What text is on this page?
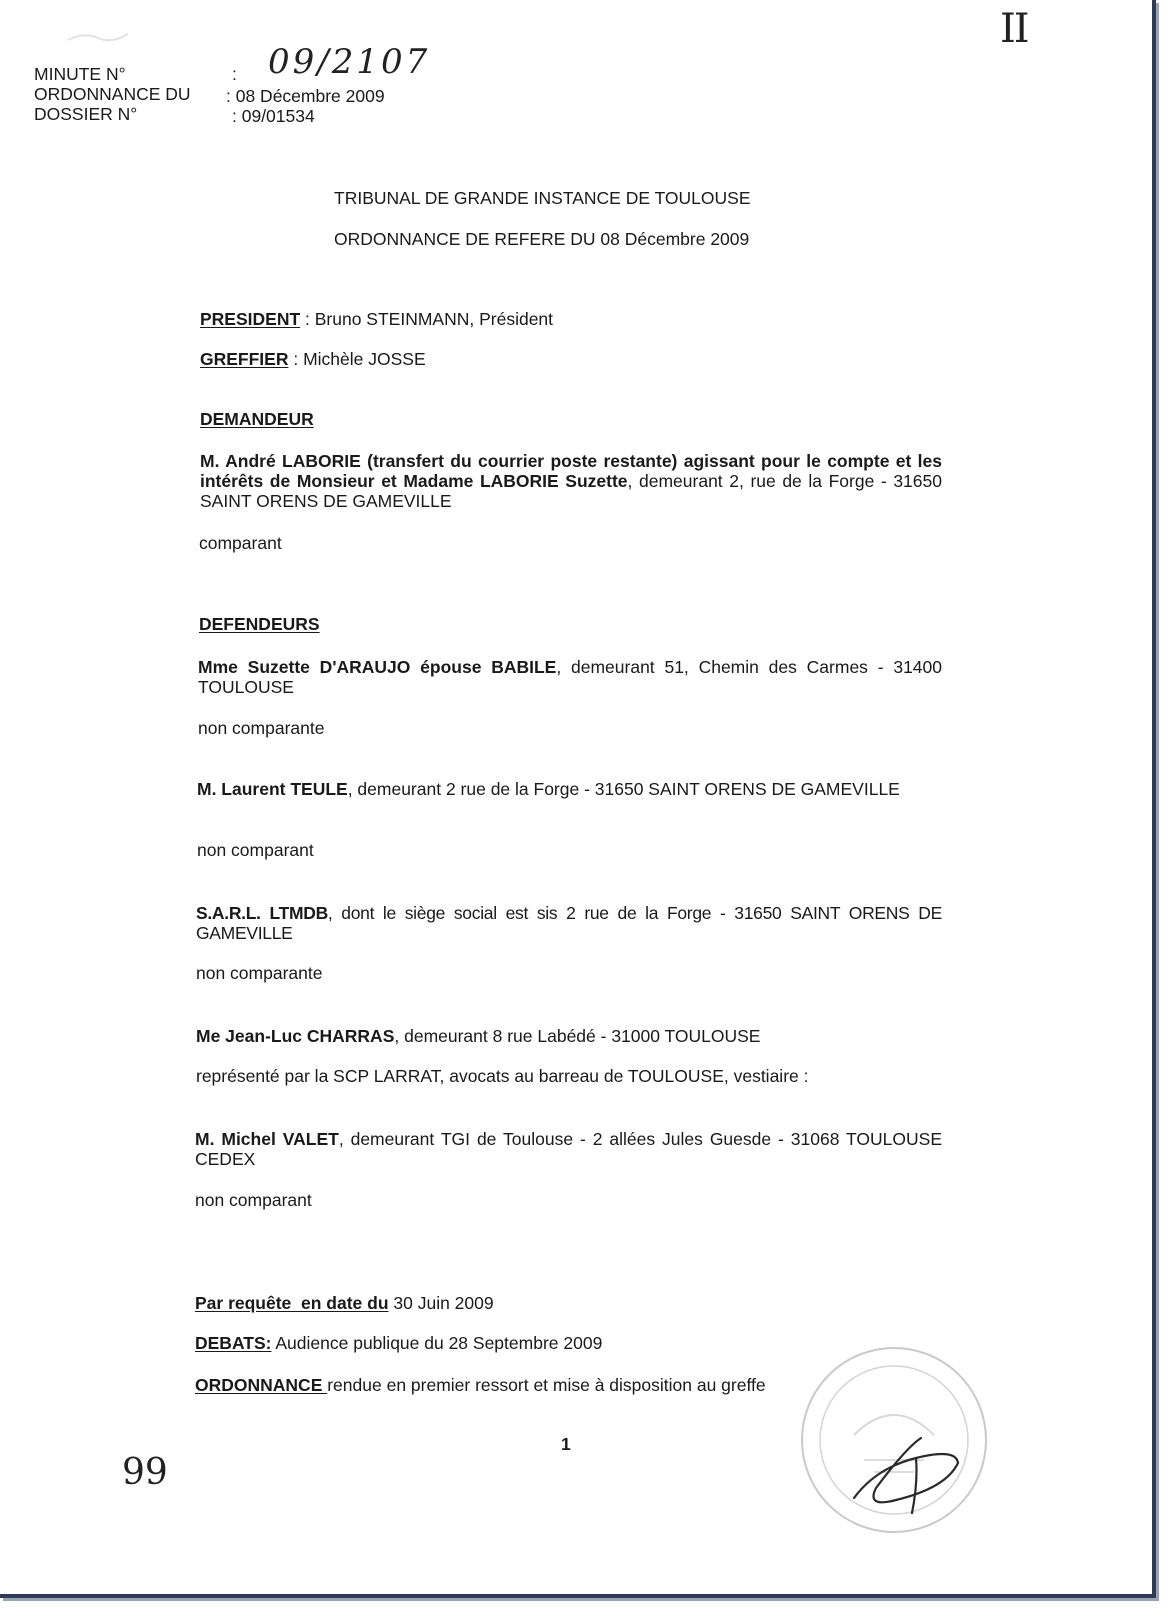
II
MINUTE N°	: 09/2107
ORDONNANCE DU : 08 Décembre 2009
DOSSIER N°	: 09/01534
TRIBUNAL DE GRANDE INSTANCE DE TOULOUSE
ORDONNANCE DE REFERE DU 08 Décembre 2009
PRESIDENT : Bruno STEINMANN, Président
GREFFIER : Michèle JOSSE
DEMANDEUR
M. André LABORIE (transfert du courrier poste restante) agissant pour le compte et les intérêts de Monsieur et Madame LABORIE Suzette, demeurant 2, rue de la Forge - 31650 SAINT ORENS DE GAMEVILLE
comparant
DEFENDEURS
Mme Suzette D'ARAUJO épouse BABILE, demeurant 51, Chemin des Carmes - 31400 TOULOUSE
non comparante
M. Laurent TEULE, demeurant 2 rue de la Forge - 31650 SAINT ORENS DE GAMEVILLE
non comparant
S.A.R.L. LTMDB, dont le siège social est sis 2 rue de la Forge - 31650 SAINT ORENS DE GAMEVILLE
non comparante
Me Jean-Luc CHARRAS, demeurant 8 rue Labédé - 31000 TOULOUSE
représenté par la SCP LARRAT, avocats au barreau de TOULOUSE, vestiaire :
M. Michel VALET, demeurant TGI de Toulouse - 2 allées Jules Guesde - 31068 TOULOUSE CEDEX
non comparant
Par requête  en date du 30 Juin 2009
DEBATS: Audience publique du 28 Septembre 2009
ORDONNANCE rendue en premier ressort et mise à disposition au greffe
1
99
